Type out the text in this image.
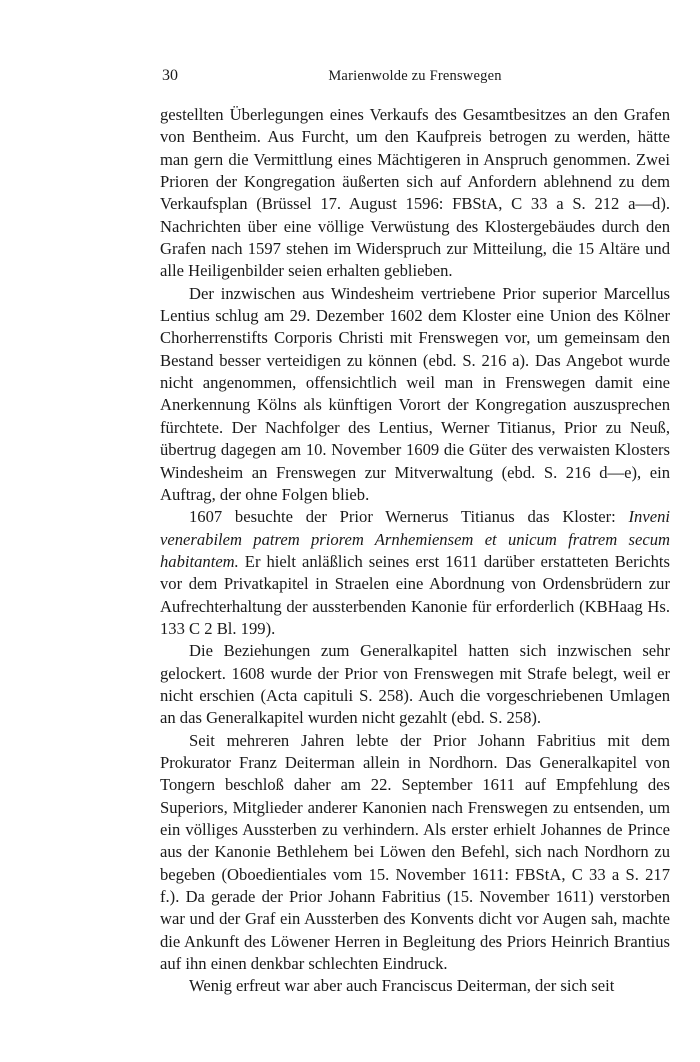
30	Marienwolde zu Frenswegen

gestellten Überlegungen eines Verkaufs des Gesamtbesitzes an den Grafen von Bentheim. Aus Furcht, um den Kaufpreis betrogen zu werden, hätte man gern die Vermittlung eines Mächtigeren in Anspruch genommen. Zwei Prioren der Kongregation äußerten sich auf Anfordern ablehnend zu dem Verkaufsplan (Brüssel 17. August 1596: FBStA, C 33 a S. 212 a—d). Nachrichten über eine völlige Verwüstung des Klostergebäudes durch den Grafen nach 1597 stehen im Widerspruch zur Mitteilung, die 15 Altäre und alle Heiligenbilder seien erhalten geblieben.

Der inzwischen aus Windesheim vertriebene Prior superior Marcellus Lentius schlug am 29. Dezember 1602 dem Kloster eine Union des Kölner Chorherrenstifts Corporis Christi mit Frenswegen vor, um gemeinsam den Bestand besser verteidigen zu können (ebd. S. 216 a). Das Angebot wurde nicht angenommen, offensichtlich weil man in Frenswegen damit eine Anerkennung Kölns als künftigen Vorort der Kongregation auszusprechen fürchtete. Der Nachfolger des Lentius, Werner Titianus, Prior zu Neuß, übertrug dagegen am 10. November 1609 die Güter des verwaisten Klosters Windesheim an Frenswegen zur Mitverwaltung (ebd. S. 216 d—e), ein Auftrag, der ohne Folgen blieb.

1607 besuchte der Prior Wernerus Titianus das Kloster: Inveni venerabilem patrem priorem Arnhemiensem et unicum fratrem secum habitantem. Er hielt anläßlich seines erst 1611 darüber erstatteten Berichts vor dem Privatkapitel in Straelen eine Abordnung von Ordensbrüdern zur Aufrechterhaltung der aussterbenden Kanonie für erforderlich (KBHaag Hs. 133 C 2 Bl. 199).

Die Beziehungen zum Generalkapitel hatten sich inzwischen sehr gelockert. 1608 wurde der Prior von Frenswegen mit Strafe belegt, weil er nicht erschien (Acta capituli S. 258). Auch die vorgeschriebenen Umlagen an das Generalkapitel wurden nicht gezahlt (ebd. S. 258).

Seit mehreren Jahren lebte der Prior Johann Fabritius mit dem Prokurator Franz Deiterman allein in Nordhorn. Das Generalkapitel von Tongern beschloß daher am 22. September 1611 auf Empfehlung des Superiors, Mitglieder anderer Kanonien nach Frenswegen zu entsenden, um ein völliges Aussterben zu verhindern. Als erster erhielt Johannes de Prince aus der Kanonie Bethlehem bei Löwen den Befehl, sich nach Nordhorn zu begeben (Oboedientiales vom 15. November 1611: FBStA, C 33 a S. 217 f.). Da gerade der Prior Johann Fabritius (15. November 1611) verstorben war und der Graf ein Aussterben des Konvents dicht vor Augen sah, machte die Ankunft des Löwener Herren in Begleitung des Priors Heinrich Brantius auf ihn einen denkbar schlechten Eindruck.

Wenig erfreut war aber auch Franciscus Deiterman, der sich seit
